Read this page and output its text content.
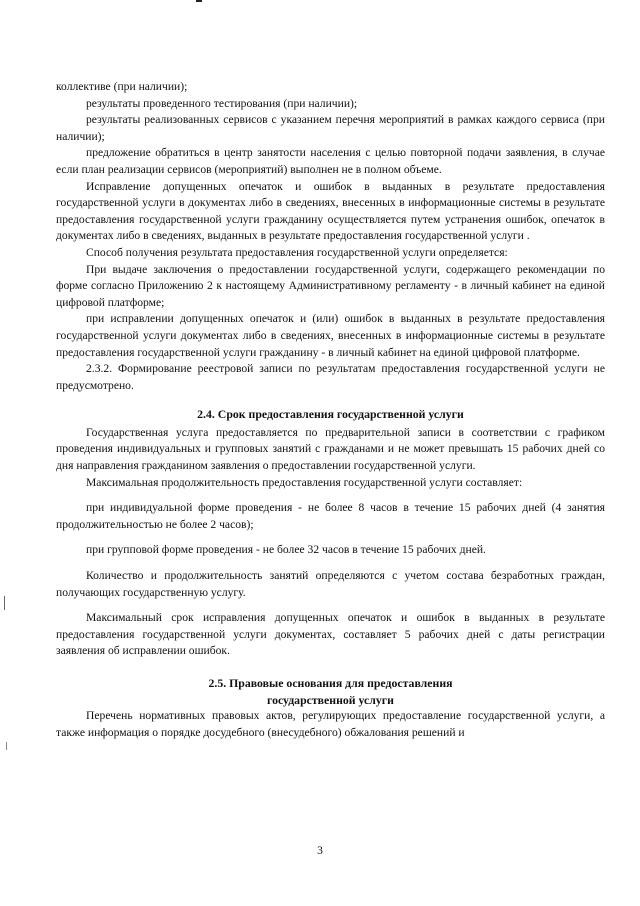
коллективе (при наличии);

результаты проведенного тестирования (при наличии);

результаты реализованных сервисов с указанием перечня мероприятий в рамках каждого сервиса (при наличии);

предложение обратиться в центр занятости населения с целью повторной подачи заявления, в случае если план реализации сервисов (мероприятий) выполнен не в полном объеме.

Исправление допущенных опечаток и ошибок в выданных в результате предоставления государственной услуги в документах либо в сведениях, внесенных в информационные системы в результате предоставления государственной услуги гражданину осуществляется путем устранения ошибок, опечаток в документах либо в сведениях, выданных в результате предоставления государственной услуги .

Способ получения результата предоставления государственной услуги определяется:

При выдаче заключения о предоставлении государственной услуги, содержащего рекомендации по форме согласно Приложению 2 к настоящему Административному регламенту - в личный кабинет на единой цифровой платформе;

при исправлении допущенных опечаток и (или) ошибок в выданных в результате предоставления государственной услуги документах либо в сведениях, внесенных в информационные системы в результате предоставления государственной услуги гражданину - в личный кабинет на единой цифровой платформе.

2.3.2. Формирование реестровой записи по результатам предоставления государственной услуги не предусмотрено.

2.4. Срок предоставления государственной услуги

Государственная услуга предоставляется по предварительной записи в соответствии с графиком проведения индивидуальных и групповых занятий с гражданами и не может превышать 15 рабочих дней со дня направления гражданином заявления о предоставлении государственной услуги.

Максимальная продолжительность предоставления государственной услуги составляет:

при индивидуальной форме проведения - не более 8 часов в течение 15 рабочих дней (4 занятия продолжительностью не более 2 часов);

при групповой форме проведения - не более 32 часов в течение 15 рабочих дней.

Количество и продолжительность занятий определяются с учетом состава безработных граждан, получающих государственную услугу.

Максимальный срок исправления допущенных опечаток и ошибок в выданных в результате предоставления государственной услуги документах, составляет 5 рабочих дней с даты регистрации заявления об исправлении ошибок.

2.5. Правовые основания для предоставления
государственной услуги

Перечень нормативных правовых актов, регулирующих предоставление государственной услуги, а также информация о порядке досудебного (внесудебного) обжалования решений и

3
